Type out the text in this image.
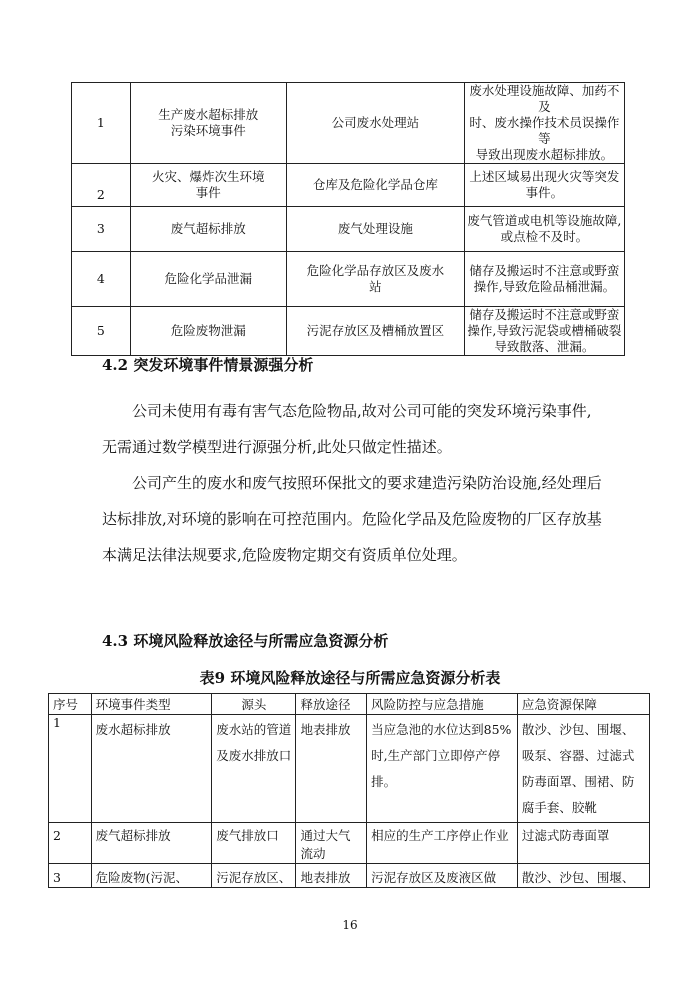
1	生产废水超标排放
污染环境事件	公司废水处理站	废水处理设施故障、加药不及
时、废水操作技术员误操作等
导致出现废水超标排放。
2	火灾、爆炸次生环境
事件	仓库及危险化学品仓库	上述区域易出现火灾等突发
事件。
3	废气超标排放	废气处理设施	废气管道或电机等设施故障,
或点检不及时。
4	危险化学品泄漏	危险化学品存放区及废水
站	储存及搬运时不注意或野蛮
操作,导致危险品桶泄漏。
5	危险废物泄漏	污泥存放区及槽桶放置区	储存及搬运时不注意或野蛮
操作,导致污泥袋或槽桶破裂
导致散落、泄漏。
4.2 突发环境事件情景源强分析

公司未使用有毒有害气态危险物品,故对公司可能的突发环境污染事件,无需通过数学模型进行源强分析,此处只做定性描述。

公司产生的废水和废气按照环保批文的要求建造污染防治设施,经处理后达标排放,对环境的影响在可控范围内。危险化学品及危险废物的厂区存放基本满足法律法规要求,危险废物定期交有资质单位处理。

4.3 环境风险释放途径与所需应急资源分析
表9 环境风险释放途径与所需应急资源分析表
序号	环境事件类型	源头	释放途径	风险防控与应急措施	应急资源保障
1	废水超标排放	废水站的管道及废水排放口	地表排放	当应急池的水位达到85%时,生产部门立即停产停排。	散沙、沙包、围堰、吸泵、容器、过滤式防毒面罩、围裙、防腐手套、胶靴
2	废气超标排放	废气排放口	通过大气流动	相应的生产工序停止作业	过滤式防毒面罩
3	危险废物(污泥、	污泥存放区、	地表排放	污泥存放区及废液区做	散沙、沙包、围堰、
16
